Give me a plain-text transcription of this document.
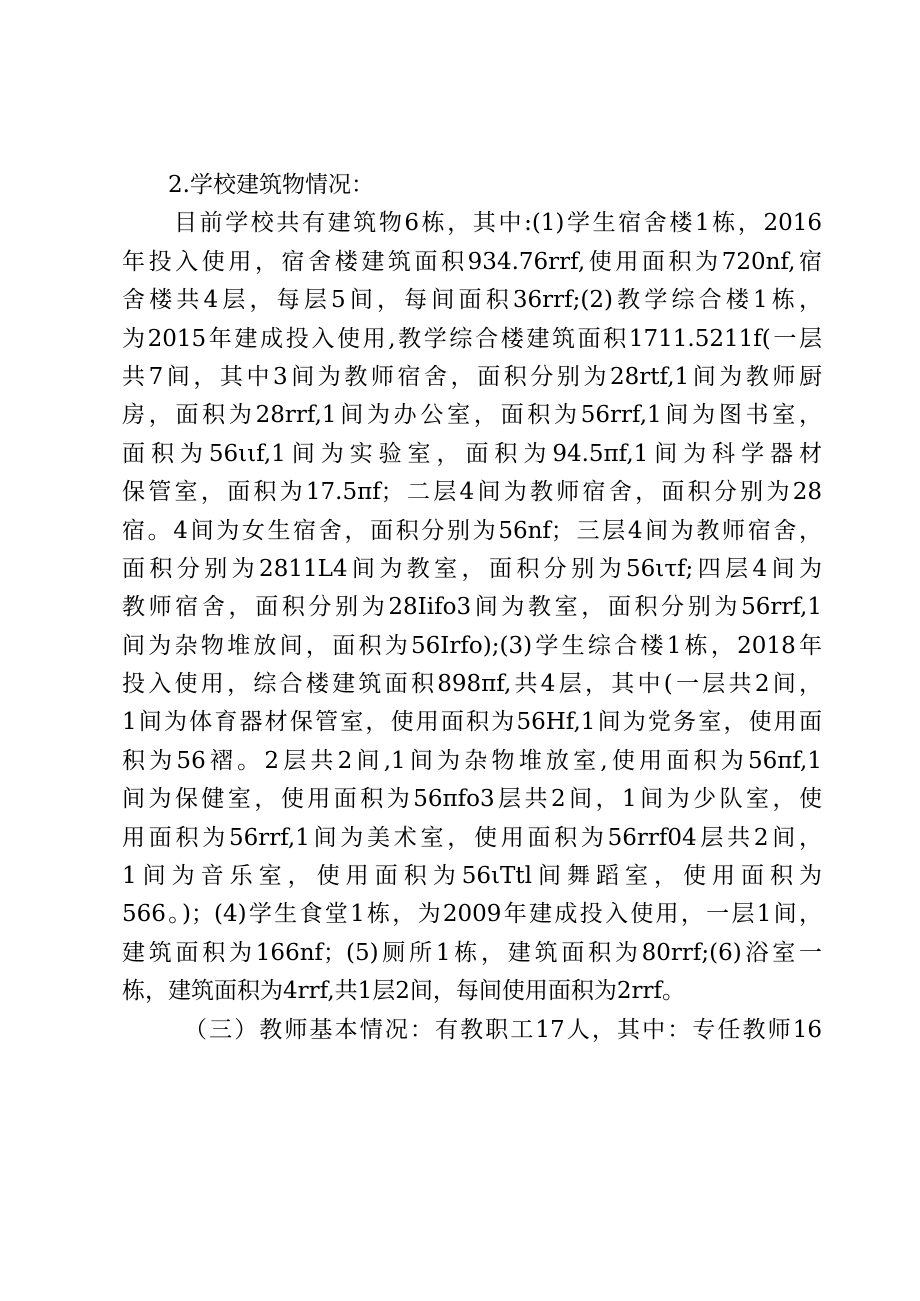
2.学校建筑物情况：
目前学校共有建筑物6栋，其中:(1)学生宿舍楼1栋，2016
年投入使用，宿舍楼建筑面积934.76rrf,使用面积为720nf,宿
舍楼共4层，每层5间，每间面积36rrf;(2)教学综合楼1栋，
为2015年建成投入使用,教学综合楼建筑面积1711.5211f(一层
共7间，其中3间为教师宿舍，面积分别为28rtf,1间为教师厨
房，面积为28rrf,1间为办公室，面积为56rrf,1间为图书室，
面积为56ιιf,1间为实验室，面积为94.5πf,1间为科学器材
保管室，面积为17.5πf；二层4间为教师宿舍，面积分别为28
宿。4间为女生宿舍，面积分别为56nf；三层4间为教师宿舍，
面积分别为2811L4间为教室，面积分别为56ιτf;四层4间为
教师宿舍，面积分别为28Iifo3间为教室，面积分别为56rrf,1
间为杂物堆放间，面积为56Irfo);(3)学生综合楼1栋，2018年
投入使用，综合楼建筑面积898πf,共4层，其中(一层共2间，
1间为体育器材保管室，使用面积为56Hf,1间为党务室，使用面
积为56褶。2层共2间,1间为杂物堆放室,使用面积为56πf,1
间为保健室，使用面积为56πfo3层共2间，1间为少队室，使
用面积为56rrf,1间为美术室，使用面积为56rrf04层共2间，
1间为音乐室，使用面积为56ιTtl间舞蹈室，使用面积为
566。)；(4)学生食堂1栋，为2009年建成投入使用，一层1间，
建筑面积为166nf；(5)厕所1栋，建筑面积为80rrf;(6)浴室一
栋，建筑面积为4rrf,共1层2间，每间使用面积为2rrf。
（三）教师基本情况：有教职工17人，其中：专任教师16
